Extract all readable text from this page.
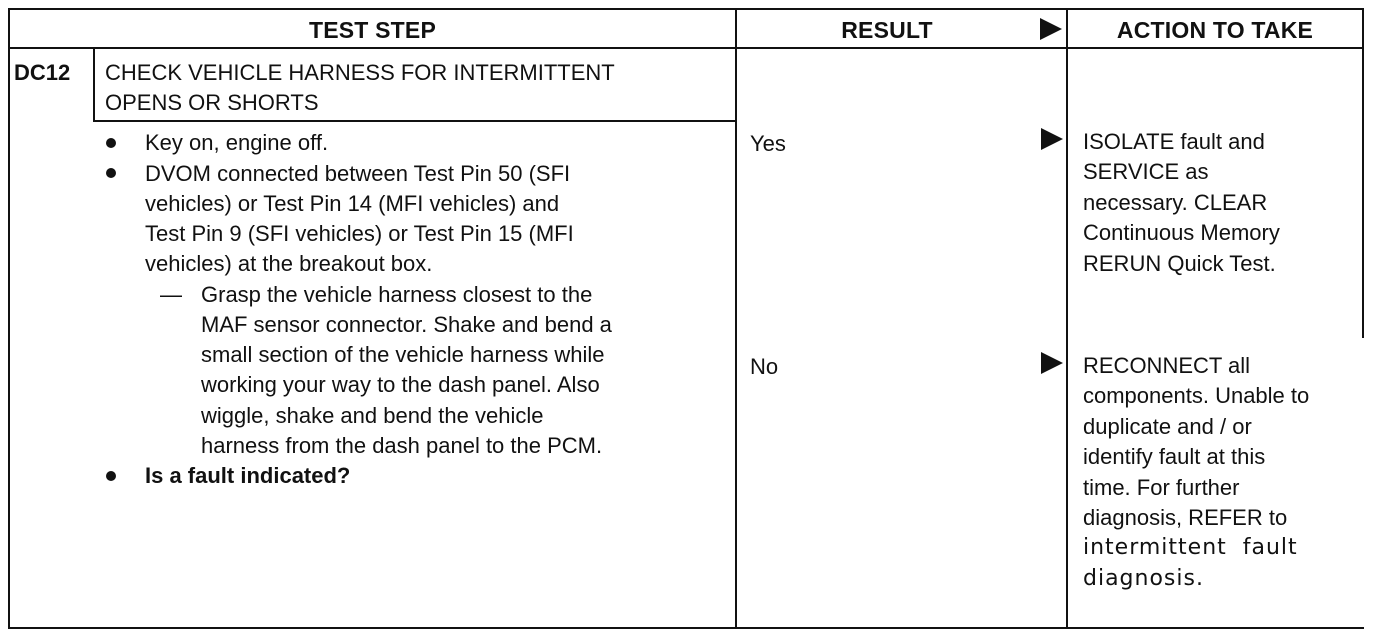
TEST STEP	RESULT	ACTION TO TAKE
DC12 CHECK VEHICLE HARNESS FOR INTERMITTENT
OPENS OR SHORTS
Key on, engine off.
DVOM connected between Test Pin 50 (SFI
vehicles) or Test Pin 14 (MFI vehicles) and
Test Pin 9 (SFI vehicles) or Test Pin 15 (MFI
vehicles) at the breakout box.
— Grasp the vehicle harness closest to the
MAF sensor connector. Shake and bend a
small section of the vehicle harness while
working your way to the dash panel. Also
wiggle, shake and bend the vehicle
harness from the dash panel to the PCM.
Is a fault indicated?
Yes
No
ISOLATE fault and
SERVICE as
necessary. CLEAR
Continuous Memory
RERUN Quick Test.
RECONNECT all
components. Unable to
duplicate and / or
identify fault at this
time. For further
diagnosis, REFER to
intermittent  fault
diagnosis.
